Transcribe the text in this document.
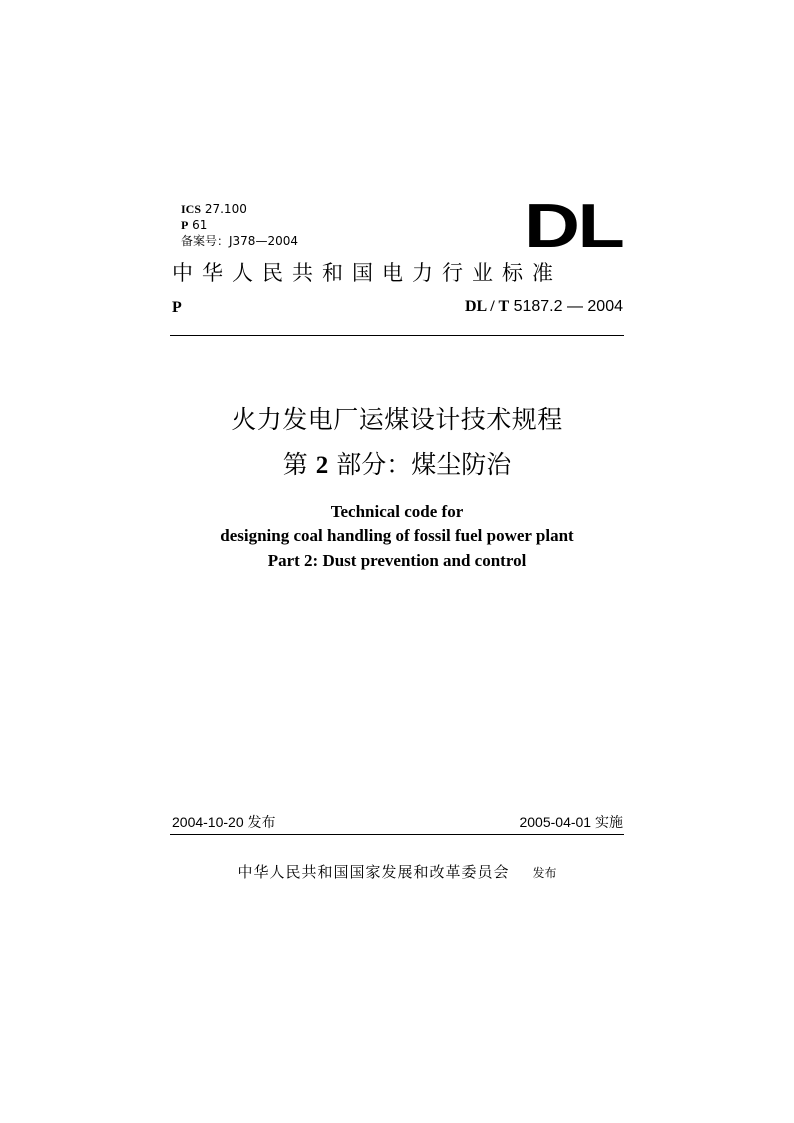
ICS 27.100
P 61
备案号：J378—2004	DL
中华人民共和国电力行业标准
P	DL / T 5187.2 — 2004
火力发电厂运煤设计技术规程
第 2 部分：煤尘防治
Technical code for
designing coal handling of fossil fuel power plant
Part 2: Dust prevention and control
2004-10-20 发布	2005-04-01 实施
中华人民共和国国家发展和改革委员会 发布
